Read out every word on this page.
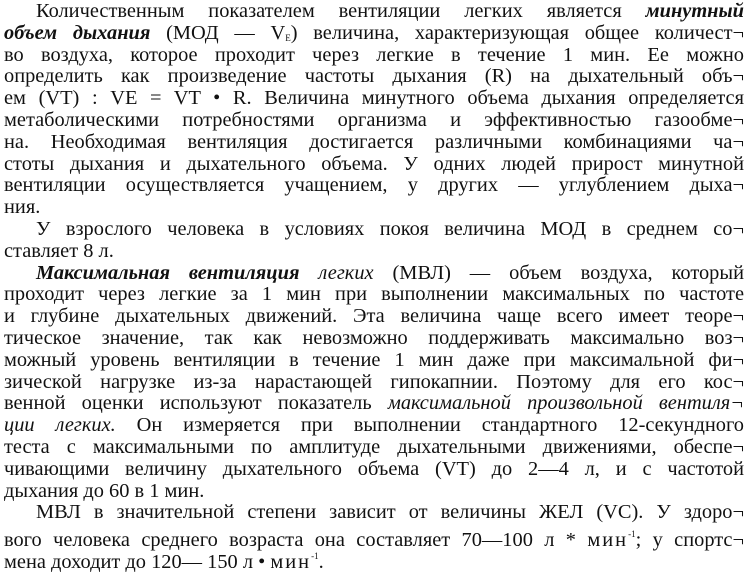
Количественным показателем вентиляции легких является минутный
объем дыхания (МОД — $V_E$) величина, характеризующая общее количест¬
во воздуха, которое проходит через легкие в течение 1 мин. Ее можно
определить как произведение частоты дыхания (R) на дыхательный объ¬
ем (VT) : VE = VT • R. Величина минутного объема дыхания определяется
метаболическими потребностями организма и эффективностью газообме¬
на. Необходимая вентиляция достигается различными комбинациями ча¬
стоты дыхания и дыхательного объема. У одних людей прирост минутной
вентиляции осуществляется учащением, у других — углублением дыха¬
ния.
У взрослого человека в условиях покоя величина МОД в среднем со¬
ставляет 8 л.
Максимальная вентиляция легких (МВЛ) — объем воздуха, который
проходит через легкие за 1 мин при выполнении максимальных по частоте
и глубине дыхательных движений. Эта величина чаще всего имеет теоре¬
тическое значение, так как невозможно поддерживать максимально воз¬
можный уровень вентиляции в течение 1 мин даже при максимальной фи¬
зической нагрузке из-за нарастающей гипокапнии. Поэтому для его кос¬
венной оценки используют показатель максимальной произвольной вентиля¬
ции легких. Он измеряется при выполнении стандартного 12-секундного
теста с максимальными по амплитуде дыхательными движениями, обеспе¬
чивающими величину дыхательного объема (VT) до 2—4 л, и с частотой
дыхания до 60 в 1 мин.
МВЛ в значительной степени зависит от величины ЖЕЛ (VC). У здоро¬
вого человека среднего возраста она составляет 70—100 л * мин$^{-1}$; у спортс¬
мена доходит до 120— 150 л • мин$^{-1}$.
